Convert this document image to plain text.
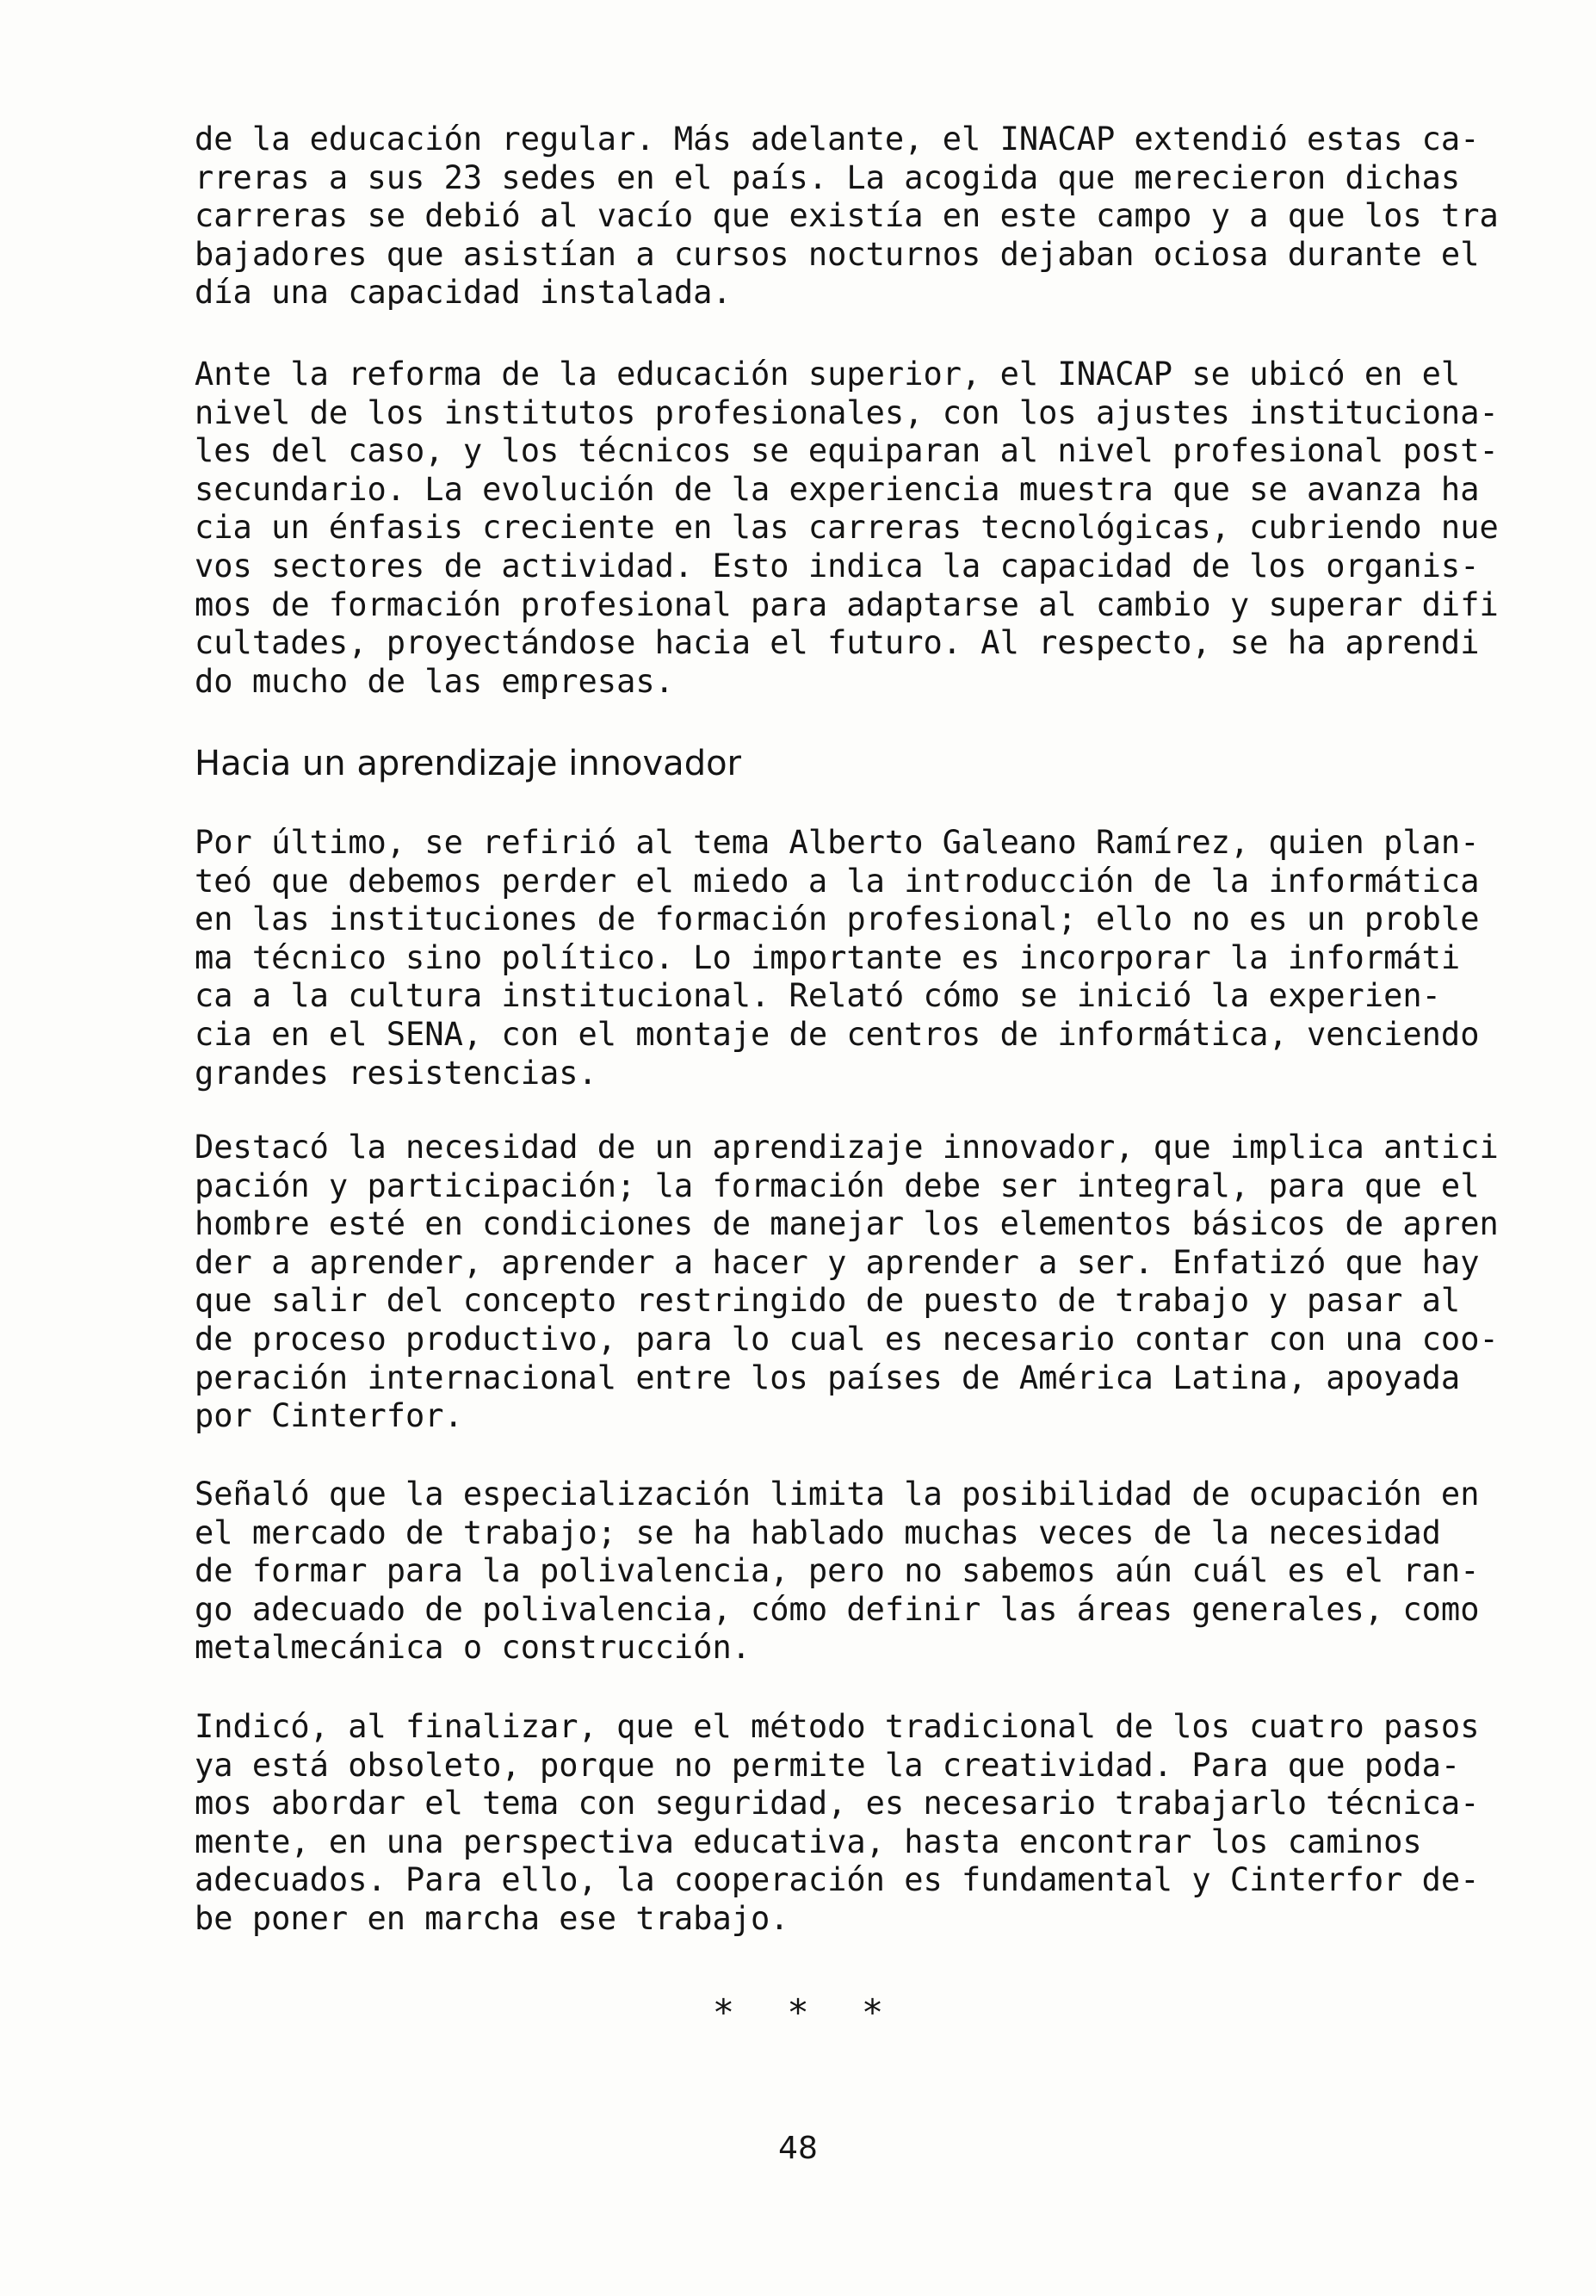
de la educación regular. Más adelante, el INACAP extendió estas ca-
rreras a sus 23 sedes en el país. La acogida que merecieron dichas
carreras se debió al vacío que existía en este campo y a que los tra
bajadores que asistían a cursos nocturnos dejaban ociosa durante el
día una capacidad instalada.
Ante la reforma de la educación superior, el INACAP se ubicó en el
nivel de los institutos profesionales, con los ajustes instituciona-
les del caso, y los técnicos se equiparan al nivel profesional post-
secundario. La evolución de la experiencia muestra que se avanza ha
cia un énfasis creciente en las carreras tecnológicas, cubriendo nue
vos sectores de actividad. Esto indica la capacidad de los organis-
mos de formación profesional para adaptarse al cambio y superar difi
cultades, proyectándose hacia el futuro. Al respecto, se ha aprendi
do mucho de las empresas.
Hacia un aprendizaje innovador
Por último, se refirió al tema Alberto Galeano Ramírez, quien plan-
teó que debemos perder el miedo a la introducción de la informática
en las instituciones de formación profesional; ello no es un proble
ma técnico sino político. Lo importante es incorporar la informáti
ca a la cultura institucional. Relató cómo se inició la experien-
cia en el SENA, con el montaje de centros de informática, venciendo
grandes resistencias.
Destacó la necesidad de un aprendizaje innovador, que implica antici
pación y participación; la formación debe ser integral, para que el
hombre esté en condiciones de manejar los elementos básicos de apren
der a aprender, aprender a hacer y aprender a ser. Enfatizó que hay
que salir del concepto restringido de puesto de trabajo y pasar al
de proceso productivo, para lo cual es necesario contar con una coo-
peración internacional entre los países de América Latina, apoyada
por Cinterfor.
Señaló que la especialización limita la posibilidad de ocupación en
el mercado de trabajo; se ha hablado muchas veces de la necesidad
de formar para la polivalencia, pero no sabemos aún cuál es el ran-
go adecuado de polivalencia, cómo definir las áreas generales, como
metalmecánica o construcción.
Indicó, al finalizar, que el método tradicional de los cuatro pasos
ya está obsoleto, porque no permite la creatividad. Para que poda-
mos abordar el tema con seguridad, es necesario trabajarlo técnica-
mente, en una perspectiva educativa, hasta encontrar los caminos
adecuados. Para ello, la cooperación es fundamental y Cinterfor de-
be poner en marcha ese trabajo.
* * *
48
